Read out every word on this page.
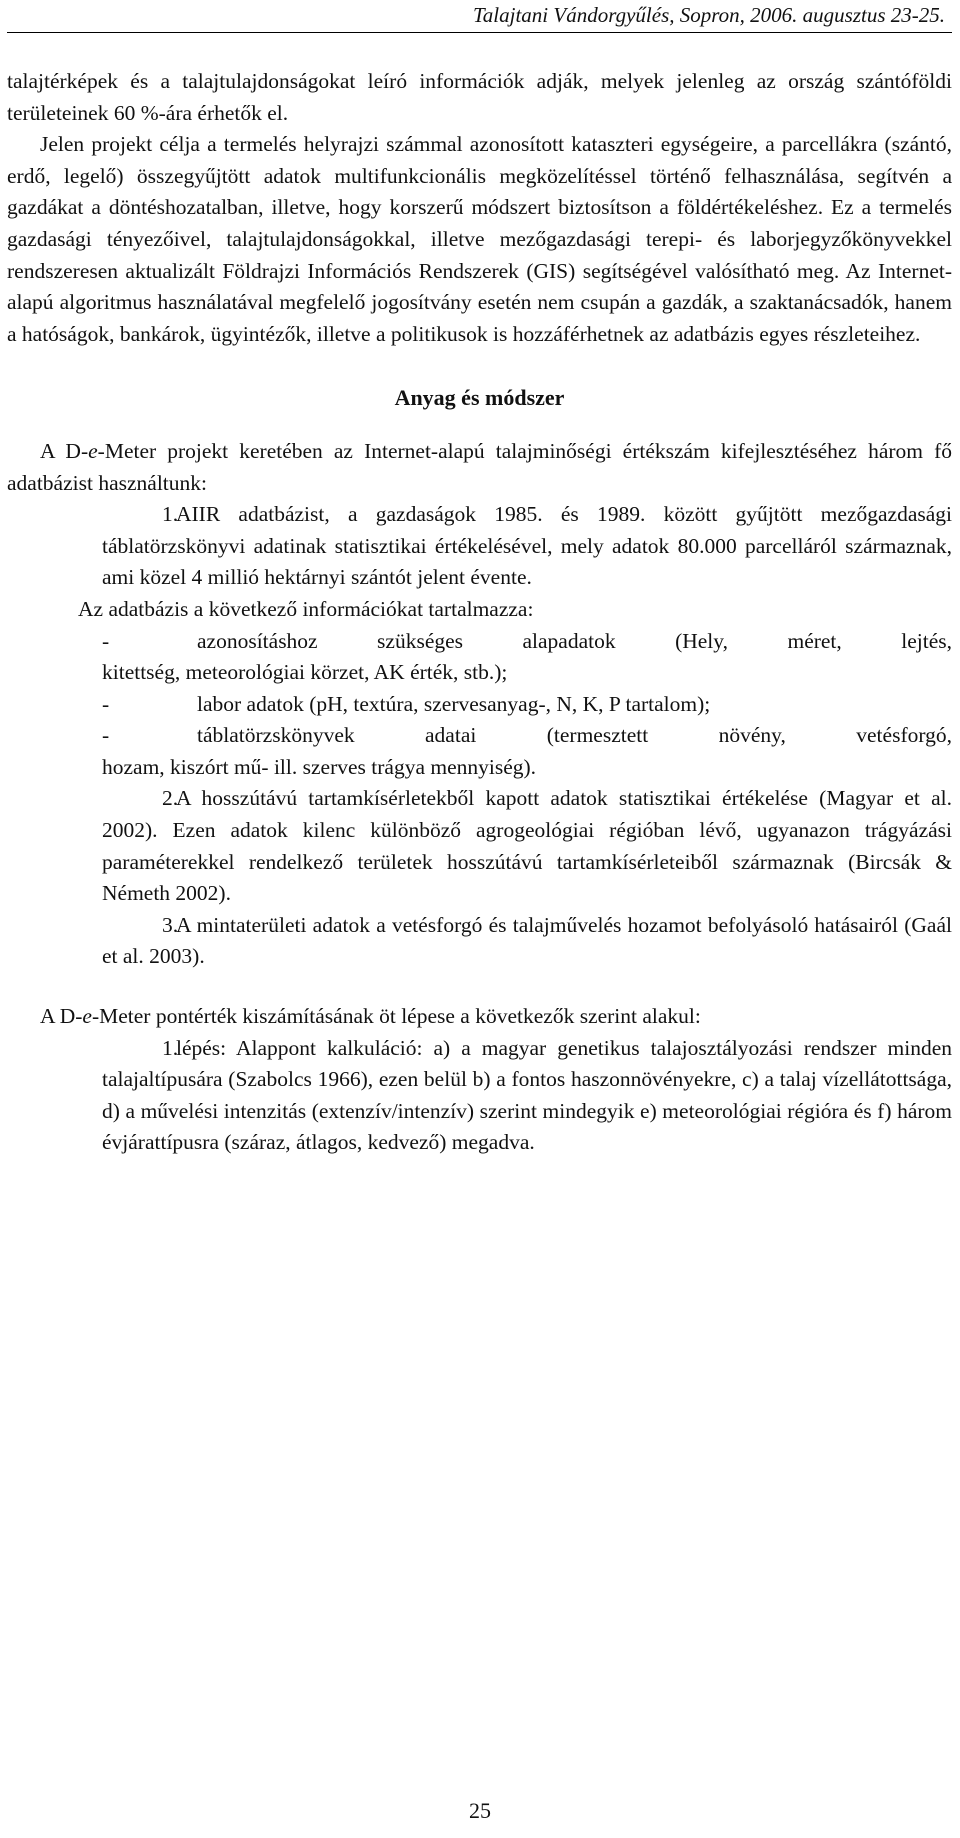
Talajtani Vándorgyűlés, Sopron, 2006. augusztus 23-25.

talajtérképek és a talajtulajdonságokat leíró információk adják, melyek jelenleg az ország szántóföldi területeinek 60 %-ára érhetők el.

Jelen projekt célja a termelés helyrajzi számmal azonosított kataszteri egységeire, a parcellákra (szántó, erdő, legelő) összegyűjtött adatok multifunkcionális megközelítéssel történő felhasználása, segítvén a gazdákat a döntéshozatalban, illetve, hogy korszerű módszert biztosítson a földértékeléshez. Ez a termelés gazdasági tényezőivel, talajtulajdonságokkal, illetve mezőgazdasági terepi- és laborjegyzőkönyvekkel rendszeresen aktualizált Földrajzi Információs Rendszerek (GIS) segítségével valósítható meg. Az Internet-alapú algoritmus használatával megfelelő jogosítvány esetén nem csupán a gazdák, a szaktanácsadók, hanem a hatóságok, bankárok, ügyintézők, illetve a politikusok is hozzáférhetnek az adatbázis egyes részleteihez.

Anyag és módszer

A D-e-Meter projekt keretében az Internet-alapú talajminőségi értékszám kifejlesztéséhez három fő adatbázist használtunk:

1.AIIR adatbázist, a gazdaságok 1985. és 1989. között gyűjtött mezőgazdasági táblatörzskönyvi adatinak statisztikai értékelésével, mely adatok 80.000 parcelláról származnak, ami közel 4 millió hektárnyi szántót jelent évente.

Az adatbázis a következő információkat tartalmazza:

-	azonosításhoz szükséges alapadatok (Hely, méret, lejtés,
kitettség, meteorológiai körzet, AK érték, stb.);
-	labor adatok (pH, textúra, szervesanyag-, N, K, P tartalom);
-	táblatörzskönyvek adatai (termesztett növény, vetésforgó,
hozam, kiszórt mű- ill. szerves trágya mennyiség).

2.A hosszútávú tartamkísérletekből kapott adatok statisztikai értékelése (Magyar et al. 2002). Ezen adatok kilenc különböző agrogeológiai régióban lévő, ugyanazon trágyázási paraméterekkel rendelkező területek hosszútávú tartamkísérleteiből származnak (Bircsák & Németh 2002).

3.A mintaterületi adatok a vetésforgó és talajművelés hozamot befolyásoló hatásairól (Gaál et al. 2003).

A D-e-Meter pontérték kiszámításának öt lépese a következők szerint alakul:

1.lépés: Alappont kalkuláció: a) a magyar genetikus talajosztályozási rendszer minden talajaltípusára (Szabolcs 1966), ezen belül b) a fontos haszonnövényekre, c) a talaj vízellátottsága, d) a művelési intenzitás (extenzív/intenzív) szerint mindegyik e) meteorológiai régióra és f) három évjárattípusra (száraz, átlagos, kedvező) megadva.

25
